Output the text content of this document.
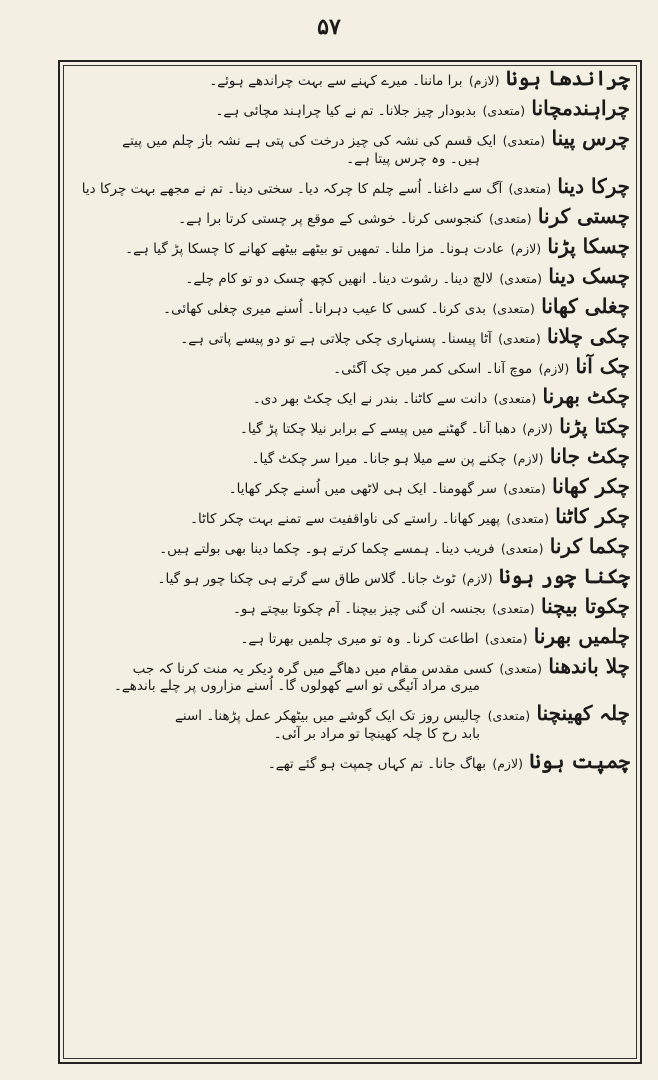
۵۷
چراندھا ہونا (لازم) برا ماننا۔ میرے کہنے سے بہت چراندھے ہوئے۔
چراہندمچانا (متعدی) بدبودار چیز جلانا۔ تم نے کیا چراہند مچائی ہے۔
چرس پینا (متعدی) ایک قسم کی نشہ کی چیز درخت کی پتی ہے نشہ باز چلم میں پیتے
ہیں۔ وہ چرس پیتا ہے۔
چرکا دینا (متعدی) آگ سے داغنا۔ اُسے چلم کا چرکہ دیا۔ سختی دینا۔ تم نے مجھے بہت چرکا دیا
چستی کرنا (متعدی) کنجوسی کرنا۔ خوشی کے موقع پر چستی کرتا برا ہے۔
چسکا پڑنا (لازم) عادت ہونا۔ مزا ملنا۔ تمھیں تو بیٹھے بیٹھے کھانے کا چسکا پڑ گیا ہے۔
چسک دینا (متعدی) لالچ دینا۔ رشوت دینا۔ انھیں کچھ چسک دو تو کام چلے۔
چغلی کھانا (متعدی) بدی کرنا۔ کسی کا عیب دہرانا۔ اُسنے میری چغلی کھائی۔
چکی چلانا (متعدی) آٹا پیسنا۔ پسنہاری چکی چلاتی ہے تو دو پیسے پاتی ہے۔
چک آنا (لازم) موچ آنا۔ اسکی کمر میں چک آگئی۔
چکٹ بھرنا (متعدی) دانت سے کاٹنا۔ بندر نے ایک چکٹ بھر دی۔
چکتا پڑنا (لازم) دھبا آنا۔ گھٹنے میں پیسے کے برابر نیلا چکتا پڑ گیا۔
چکٹ جانا (لازم) چکنے پن سے میلا ہو جانا۔ میرا سر چکٹ گیا۔
چکر کھانا (متعدی) سر گھومنا۔ ایک ہی لاٹھی میں اُسنے چکر کھایا۔
چکر کاٹنا (متعدی) پھیر کھانا۔ راستے کی ناواقفیت سے تمنے بہت چکر کاٹا۔
چکما کرنا (متعدی) فریب دینا۔ ہمسے چکما کرتے ہو۔ چکما دینا بھی بولتے ہیں۔
چکنا چور ہونا (لازم) ٹوٹ جانا۔ گلاس طاق سے گرتے ہی چکنا چور ہو گیا۔
چکوتا بیچنا (متعدی) بجنسہ ان گنی چیز بیچنا۔ آم چکوتا بیچتے ہو۔
چلمیں بھرنا (متعدی) اطاعت کرنا۔ وہ تو میری چلمیں بھرتا ہے۔
چلا باندھنا (متعدی) کسی مقدس مقام میں دھاگے میں گرہ دیکر یہ منت کرنا کہ جب
میری مراد آئیگی تو اسے کھولوں گا۔ اُسنے مزاروں پر چلے باندھے۔
چلہ کھینچنا (متعدی) چالیس روز تک ایک گوشے میں بیٹھکر عمل پڑھنا۔ اسنے
بابد رح کا چلہ کھینچا تو مراد بر آئی۔
چمپت ہونا (لازم) بھاگ جانا۔ تم کہاں چمپت ہو گئے تھے۔
